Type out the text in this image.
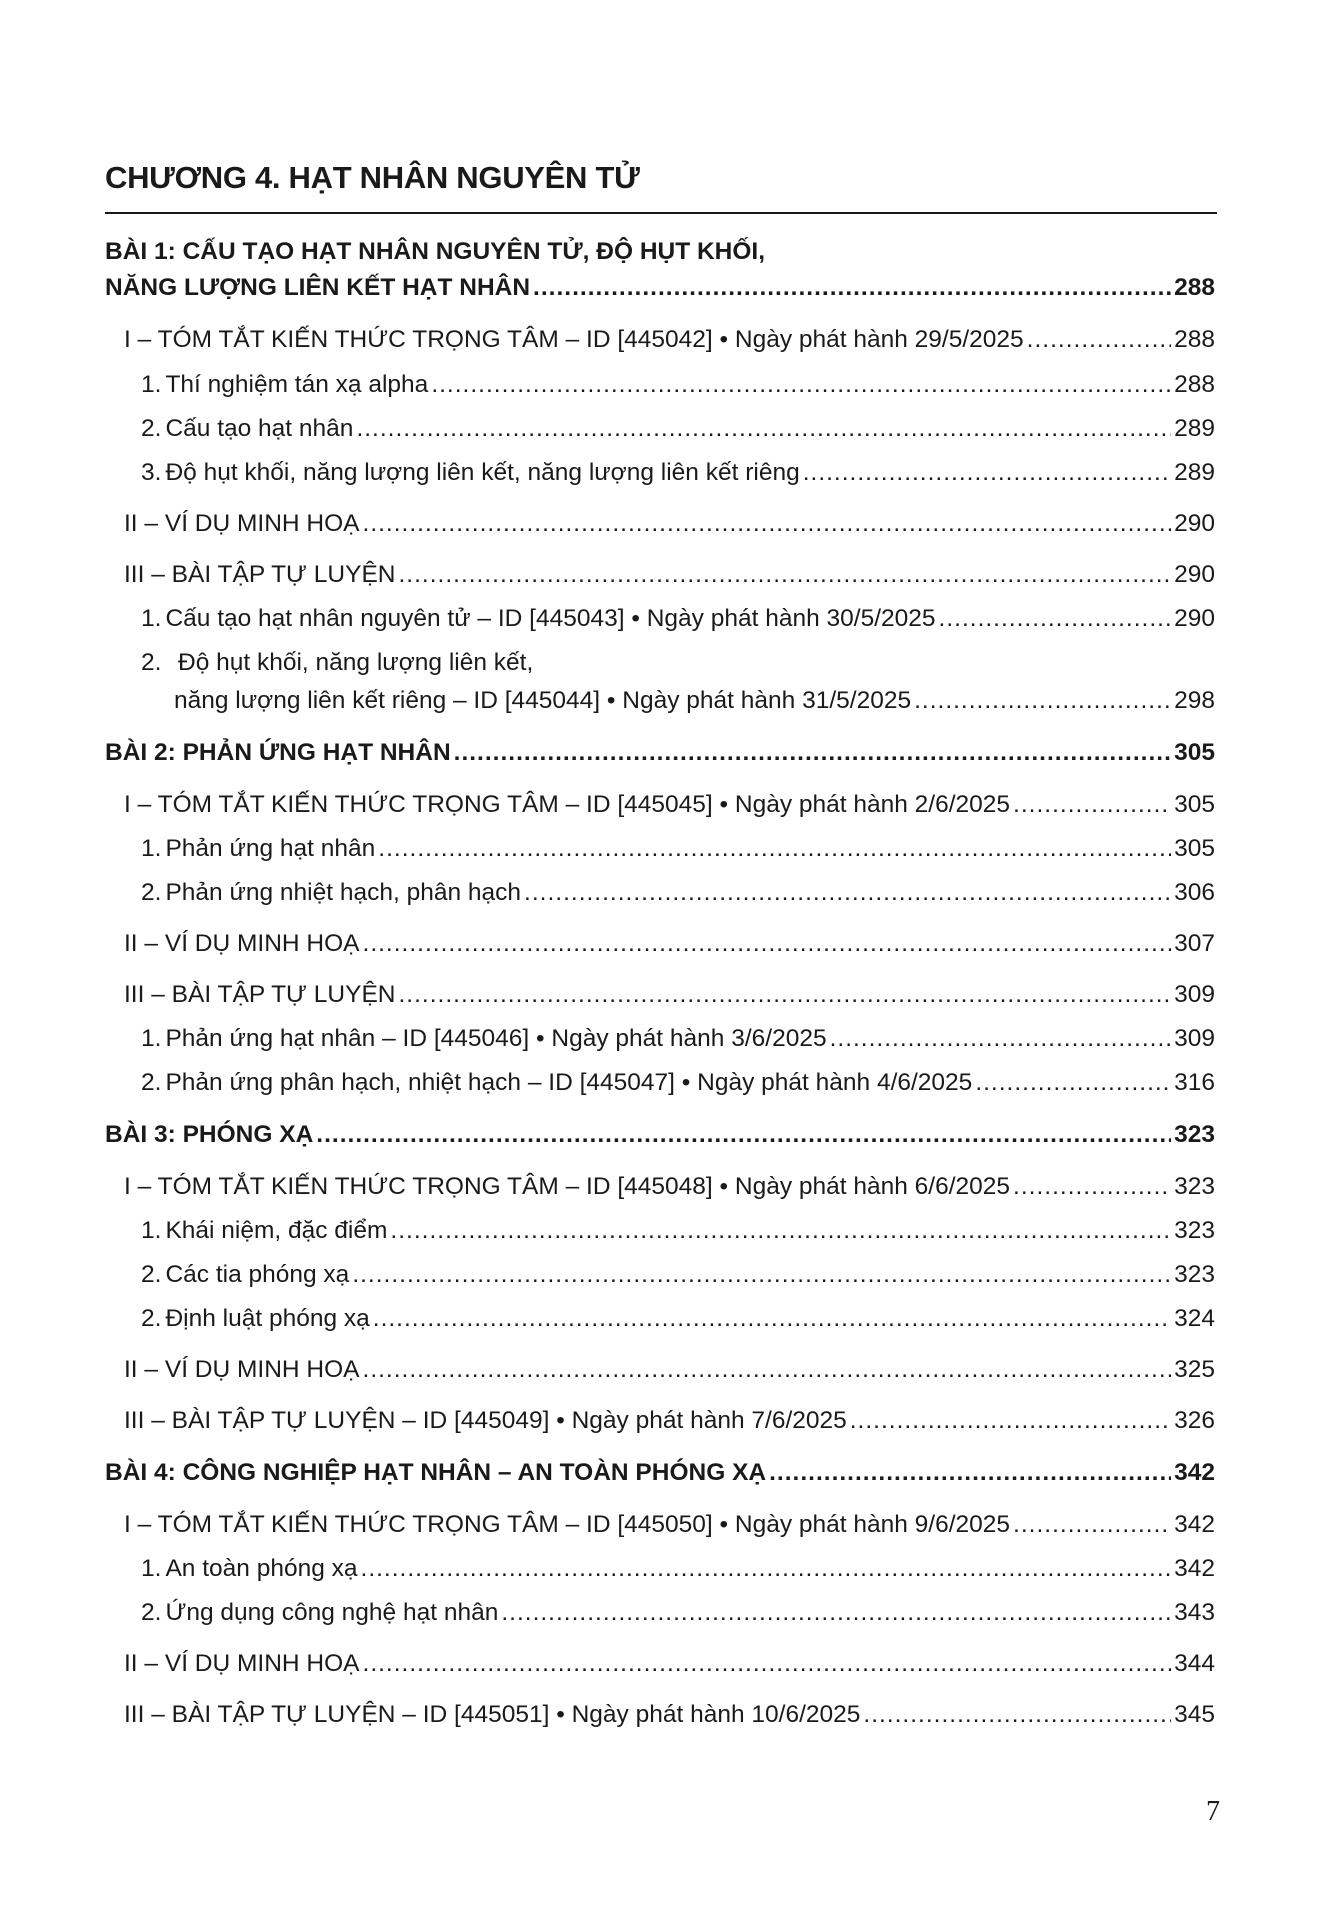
CHƯƠNG 4. HẠT NHÂN NGUYÊN TỬ
BÀI 1: CẤU TẠO HẠT NHÂN NGUYÊN TỬ, ĐỘ HỤT KHỐI,
NĂNG LƯỢNG LIÊN KẾT HẠT NHÂN .....	288
I – TÓM TẮT KIẾN THỨC TRỌNG TÂM – ID [445042] • Ngày phát hành 29/5/2025 .....	288
1. Thí nghiệm tán xạ alpha .....	288
2. Cấu tạo hạt nhân .....	289
3. Độ hụt khối, năng lượng liên kết, năng lượng liên kết riêng .....	289
II – VÍ DỤ MINH HOẠ .....	290
III – BÀI TẬP TỰ LUYỆN .....	290
1. Cấu tạo hạt nhân nguyên tử – ID [445043] • Ngày phát hành 30/5/2025 .....	290
2. Độ hụt khối, năng lượng liên kết,
năng lượng liên kết riêng – ID [445044] • Ngày phát hành 31/5/2025 .....	298
BÀI 2: PHẢN ỨNG HẠT NHÂN .....	305
I – TÓM TẮT KIẾN THỨC TRỌNG TÂM – ID [445045] • Ngày phát hành 2/6/2025 .....	305
1. Phản ứng hạt nhân .....	305
2. Phản ứng nhiệt hạch, phân hạch .....	306
II – VÍ DỤ MINH HOẠ .....	307
III – BÀI TẬP TỰ LUYỆN .....	309
1. Phản ứng hạt nhân – ID [445046] • Ngày phát hành 3/6/2025 .....	309
2. Phản ứng phân hạch, nhiệt hạch – ID [445047] • Ngày phát hành 4/6/2025 .....	316
BÀI 3: PHÓNG XẠ .....	323
I – TÓM TẮT KIẾN THỨC TRỌNG TÂM – ID [445048] • Ngày phát hành 6/6/2025 .....	323
1. Khái niệm, đặc điểm .....	323
2. Các tia phóng xạ .....	323
2. Định luật phóng xạ .....	324
II – VÍ DỤ MINH HOẠ .....	325
III – BÀI TẬP TỰ LUYỆN – ID [445049] • Ngày phát hành 7/6/2025 .....	326
BÀI 4: CÔNG NGHIỆP HẠT NHÂN – AN TOÀN PHÓNG XẠ .....	342
I – TÓM TẮT KIẾN THỨC TRỌNG TÂM – ID [445050] • Ngày phát hành 9/6/2025 .....	342
1. An toàn phóng xạ .....	342
2. Ứng dụng công nghệ hạt nhân .....	343
II – VÍ DỤ MINH HOẠ .....	344
III – BÀI TẬP TỰ LUYỆN – ID [445051] • Ngày phát hành 10/6/2025 .....	345
7
